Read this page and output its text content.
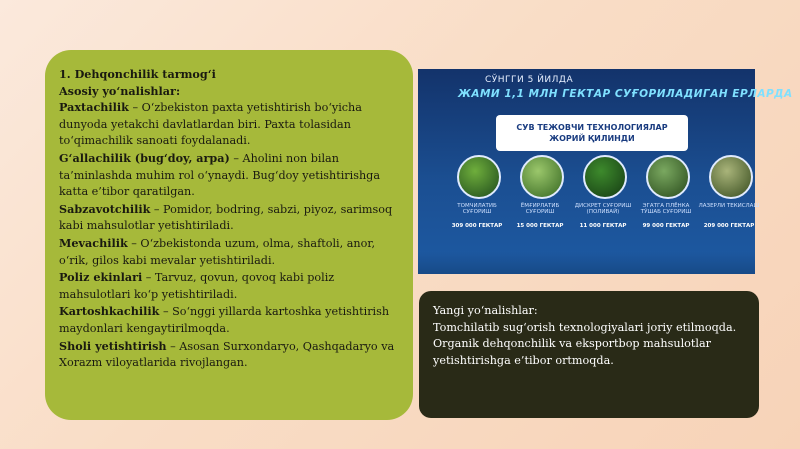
1. Dehqonchilik tarmog‘i

Asosiy yo‘nalishlar:

Paxtachilik – O‘zbekiston paxta yetishtirish bo‘yicha dunyoda yetakchi davlatlardan biri. Paxta tolasidan to‘qimachilik sanoati foydalanadi.

G‘allachilik (bug‘doy, arpa) – Aholini non bilan ta’minlashda muhim rol o‘ynaydi. Bug‘doy yetishtirishga katta e’tibor qaratilgan.

Sabzavotchilik – Pomidor, bodring, sabzi, piyoz, sarimsoq kabi mahsulotlar yetishtiriladi.

Mevachilik – O‘zbekistonda uzum, olma, shaftoli, anor, o‘rik, gilos kabi mevalar yetishtiriladi.

Poliz ekinlari – Tarvuz, qovun, qovoq kabi poliz mahsulotlari ko‘p yetishtiriladi.

Kartoshkachilik – So‘nggi yillarda kartoshka yetishtirish maydonlari kengaytirilmoqda.

Sholi yetishtirish – Asosan Surxondaryo, Qashqadaryo va Xorazm viloyatlarida rivojlangan.

СЎНГГИ 5 ЙИЛДА
ЖАМИ 1,1 МЛН ГЕКТАР СУҒОРИЛАДИГАН ЕРЛАРДА
СУВ ТЕЖОВЧИ ТЕХНОЛОГИЯЛАР
ЖОРИЙ ҚИЛИНДИ
ТОМЧИЛАТИБ СУҒОРИШ
309 000 ГЕКТАР
ЁМҒИРЛАТИБ СУҒОРИШ
15 000 ГЕКТАР
ДИСКРЕТ СУҒОРИШ (ПОЛИВАЙ)
11 000 ГЕКТАР
ЭГАТГА ПЛЁНКА ТЎШАБ СУҒОРИШ
99 000 ГЕКТАР
ЛАЗЕРЛИ ТЕКИСЛАШ
209 000 ГЕКТАР

Yangi yo‘nalishlar:

Tomchilatib sug‘orish texnologiyalari joriy etilmoqda.

Organik dehqonchilik va eksportbop mahsulotlar yetishtirishga e’tibor ortmoqda.
